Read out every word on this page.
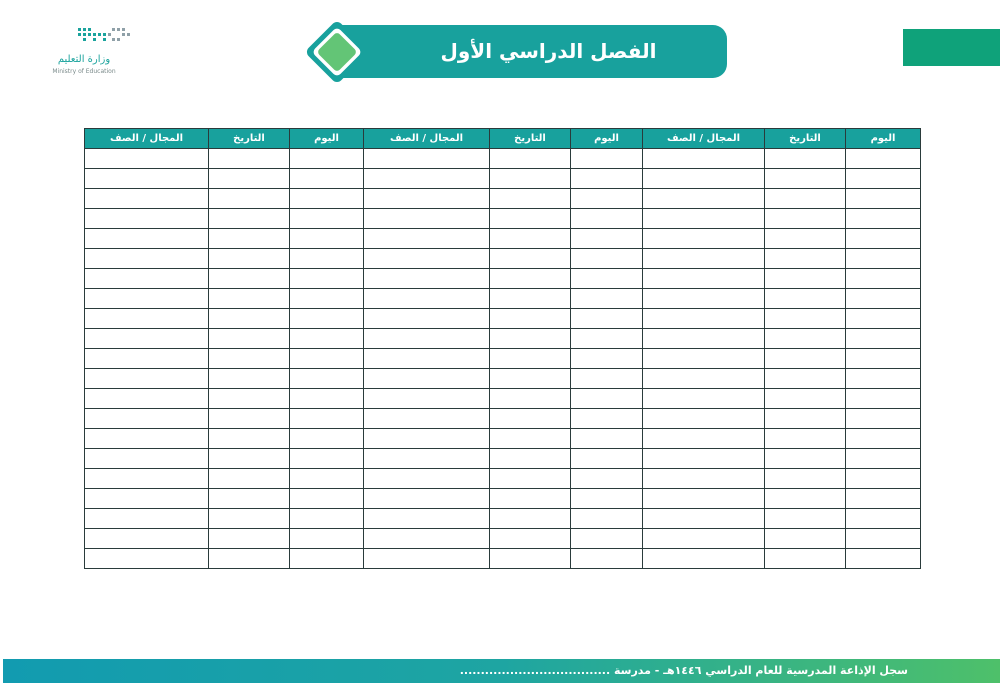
وزارة التعليم
Ministry of Education
الفصل الدراسي الأول
اليوم	التاريخ	المجال / الصف	اليوم	التاريخ	المجال / الصف	اليوم	التاريخ	المجال / الصف

سجل الإذاعة المدرسية للعام الدراسي ١٤٤٦هـ - مدرسة ....................................
